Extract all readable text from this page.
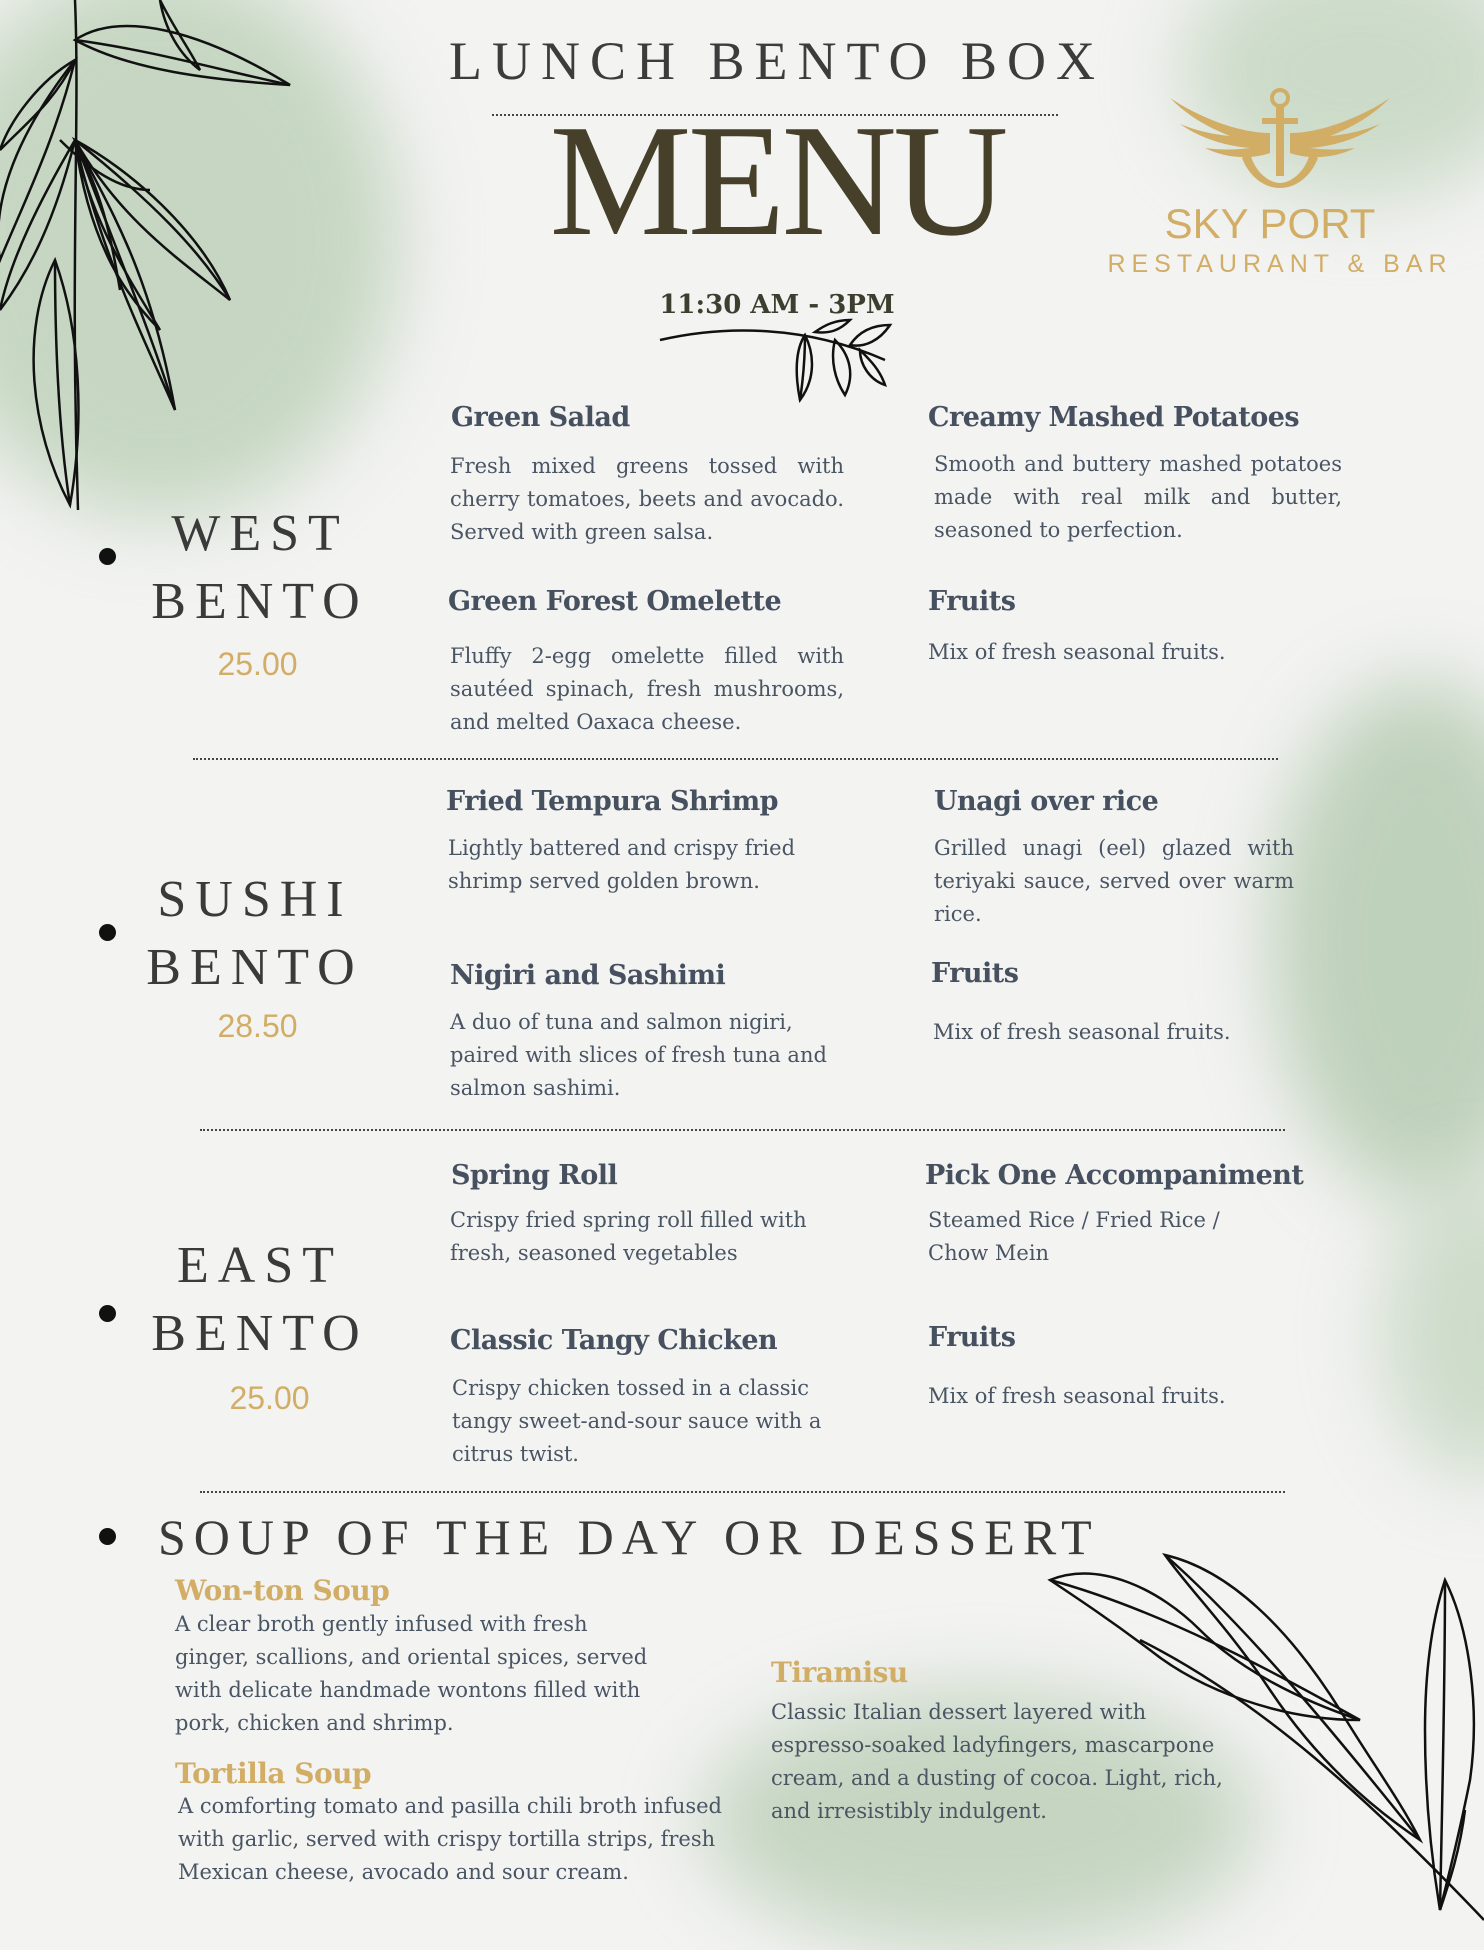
LUNCH BENTO BOX
MENU
11:30 AM - 3PM
SKY PORT
RESTAURANT & BAR
WEST
BENTO
25.00
Green Salad
Fresh mixed greens tossed with cherry tomatoes, beets and avocado. Served with green salsa.
Creamy Mashed Potatoes
Smooth and buttery mashed potatoes made with real milk and butter, seasoned to perfection.
Green Forest Omelette
Fluffy 2-egg omelette filled with sautéed spinach, fresh mushrooms, and melted Oaxaca cheese.
Fruits
Mix of fresh seasonal fruits.
SUSHI
BENTO
28.50
Fried Tempura Shrimp
Lightly battered and crispy fried shrimp served golden brown.
Unagi over rice
Grilled unagi (eel) glazed with teriyaki sauce, served over warm rice.
Nigiri and Sashimi
A duo of tuna and salmon nigiri, paired with slices of fresh tuna and salmon sashimi.
Fruits
Mix of fresh seasonal fruits.
EAST
BENTO
25.00
Spring Roll
Crispy fried spring roll filled with fresh, seasoned vegetables
Pick One Accompaniment
Steamed Rice / Fried Rice / Chow Mein
Classic Tangy Chicken
Crispy chicken tossed in a classic tangy sweet-and-sour sauce with a citrus twist.
Fruits
Mix of fresh seasonal fruits.
SOUP OF THE DAY OR DESSERT
Won-ton Soup
A clear broth gently infused with fresh ginger, scallions, and oriental spices, served with delicate handmade wontons filled with pork, chicken and shrimp.
Tortilla Soup
A comforting tomato and pasilla chili broth infused with garlic, served with crispy tortilla strips, fresh Mexican cheese, avocado and sour cream.
Tiramisu
Classic Italian dessert layered with espresso-soaked ladyfingers, mascarpone cream, and a dusting of cocoa. Light, rich, and irresistibly indulgent.
